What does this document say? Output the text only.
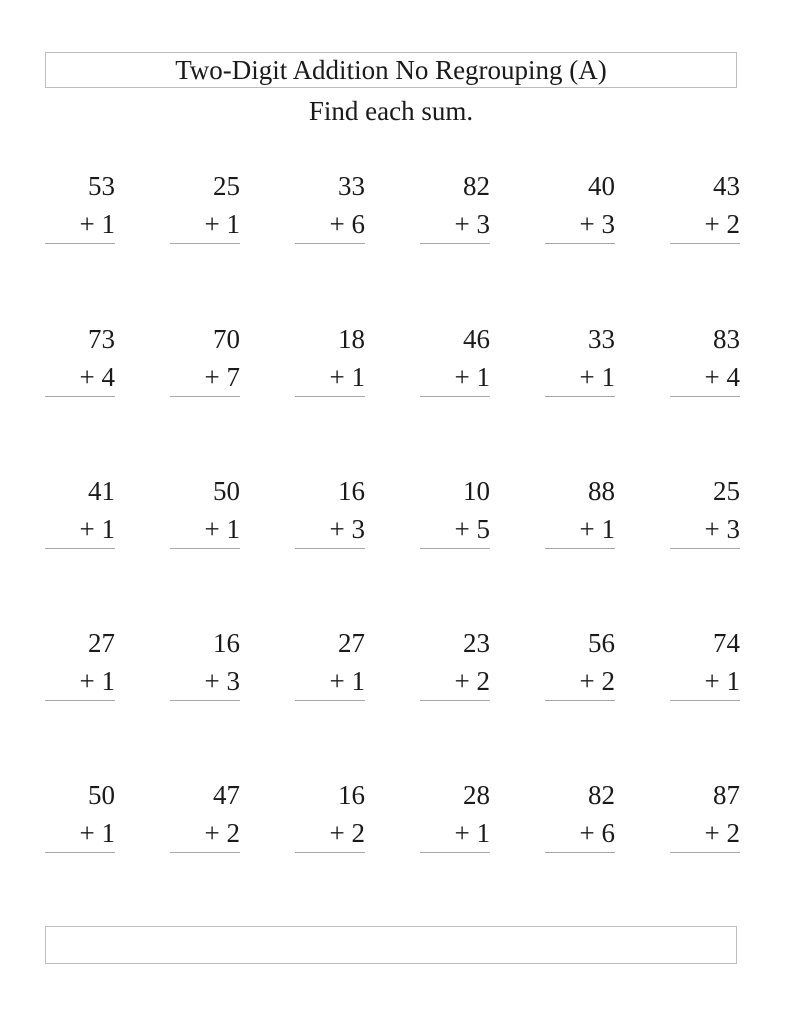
Two-Digit Addition No Regrouping (A)
Find each sum.
53
+ 1
25
+ 1
33
+ 6
82
+ 3
40
+ 3
43
+ 2
73
+ 4
70
+ 7
18
+ 1
46
+ 1
33
+ 1
83
+ 4
41
+ 1
50
+ 1
16
+ 3
10
+ 5
88
+ 1
25
+ 3
27
+ 1
16
+ 3
27
+ 1
23
+ 2
56
+ 2
74
+ 1
50
+ 1
47
+ 2
16
+ 2
28
+ 1
82
+ 6
87
+ 2
